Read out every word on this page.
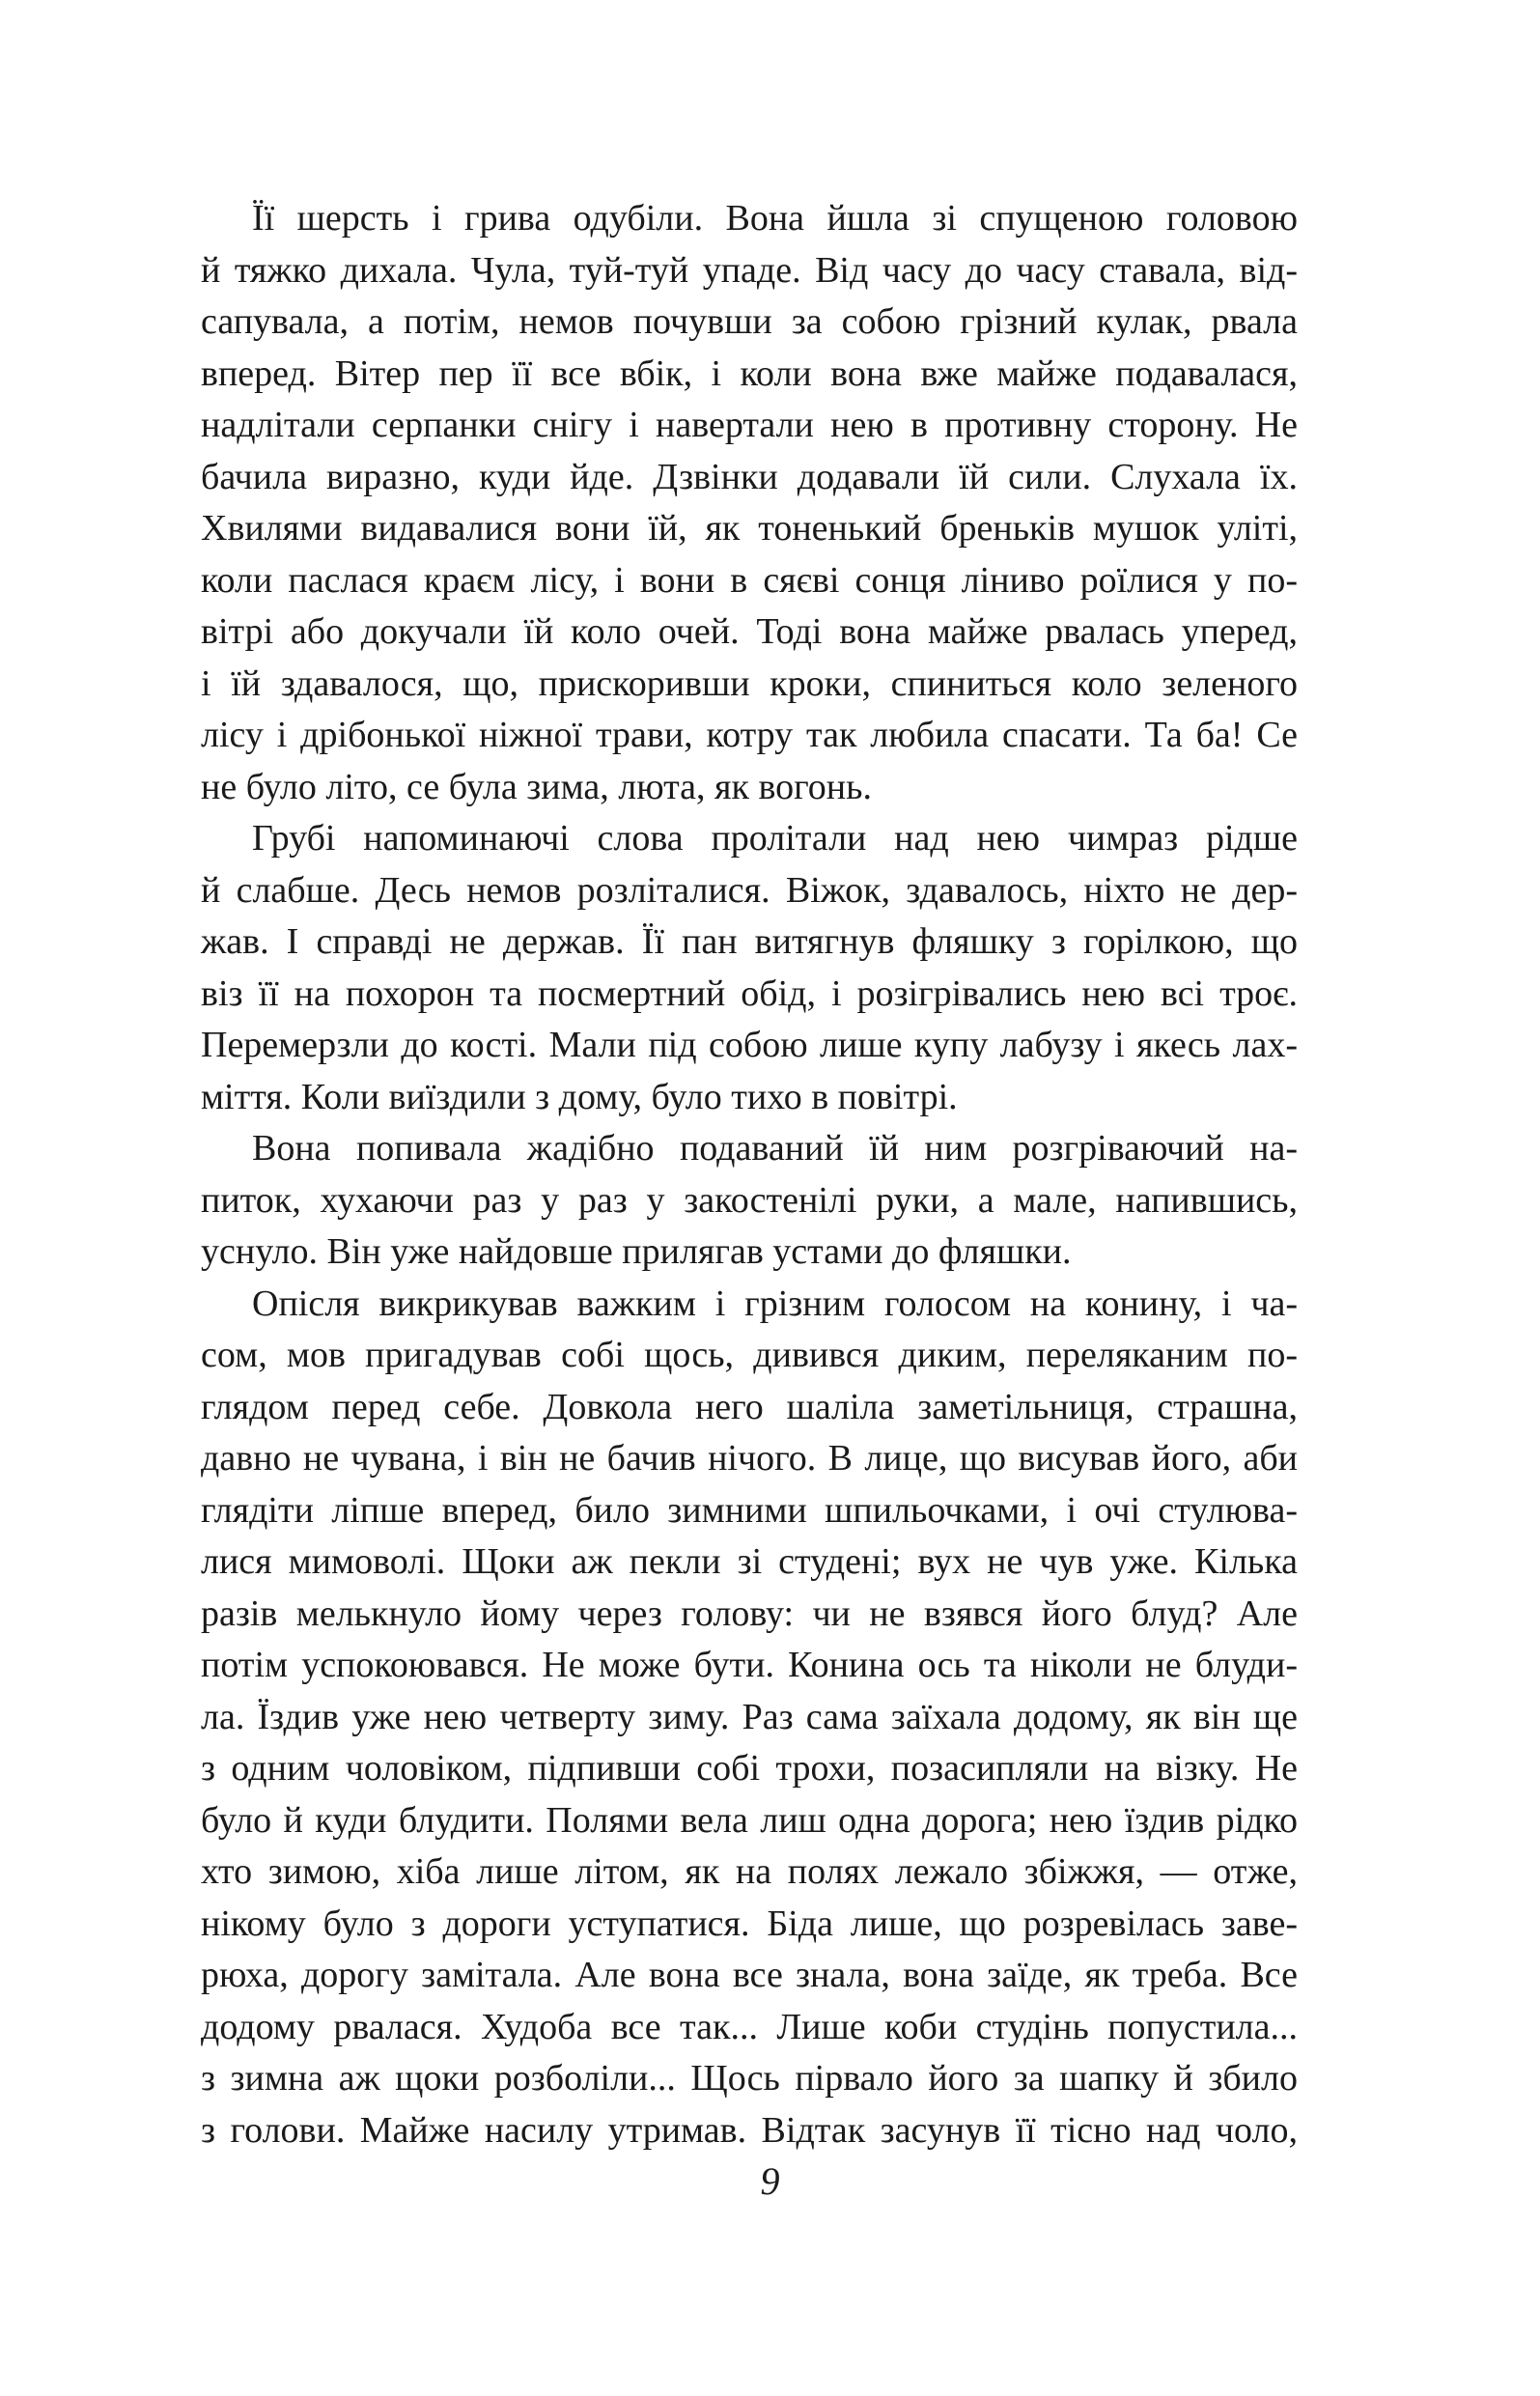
Її шерсть і грива одубіли. Вона йшла зі спущеною головою
й тяжко дихала. Чула, туй-туй упаде. Від часу до часу ставала, від-
сапувала, а потім, немов почувши за собою грізний кулак, рвала
вперед. Вітер пер її все вбік, і коли вона вже майже подавалася,
надлітали серпанки снігу і навертали нею в противну сторону. Не
бачила виразно, куди йде. Дзвінки додавали їй сили. Слухала їх.
Хвилями видавалися вони їй, як тоненький бреньків мушок уліті,
коли паслася краєм лісу, і вони в сяєві сонця ліниво роїлися у по-
вітрі або докучали їй коло очей. Тоді вона майже рвалась уперед,
і їй здавалося, що, прискоривши кроки, спиниться коло зеленого
лісу і дрібонької ніжної трави, котру так любила спасати. Та ба! Се
не було літо, се була зима, люта, як вогонь.
Грубі напоминаючі слова пролітали над нею чимраз рідше
й слабше. Десь немов розліталися. Віжок, здавалось, ніхто не дер-
жав. І справді не держав. Її пан витягнув фляшку з горілкою, що
віз її на похорон та посмертний обід, і розігрівались нею всі троє.
Перемерзли до кості. Мали під собою лише купу лабузу і якесь лах-
міття. Коли виїздили з дому, було тихо в повітрі.
Вона попивала жадібно подаваний їй ним розгріваючий на-
питок, хухаючи раз у раз у закостенілі руки, а мале, напившись,
уснуло. Він уже найдовше прилягав устами до фляшки.
Опісля викрикував важким і грізним голосом на конину, і ча-
сом, мов пригадував собі щось, дивився диким, переляканим по-
глядом перед себе. Довкола него шаліла заметільниця, страшна,
давно не чувана, і він не бачив нічого. В лице, що висував його, аби
глядіти ліпше вперед, било зимними шпильочками, і очі стулюва-
лися мимоволі. Щоки аж пекли зі студені; вух не чув уже. Кілька
разів мелькнуло йому через голову: чи не взявся його блуд? Але
потім успокоювався. Не може бути. Конина ось та ніколи не блуди-
ла. Їздив уже нею четверту зиму. Раз сама заїхала додому, як він ще
з одним чоловіком, підпивши собі трохи, позасипляли на візку. Не
було й куди блудити. Полями вела лиш одна дорога; нею їздив рідко
хто зимою, хіба лише літом, як на полях лежало збіжжя, — отже,
нікому було з дороги уступатися. Біда лише, що розревілась заве-
рюха, дорогу замітала. Але вона все знала, вона заїде, як треба. Все
додому рвалася. Худоба все так... Лише коби студінь попустила...
з зимна аж щоки розболіли... Щось пірвало його за шапку й збило
з голови. Майже насилу утримав. Відтак засунув її тісно над чоло,
9
